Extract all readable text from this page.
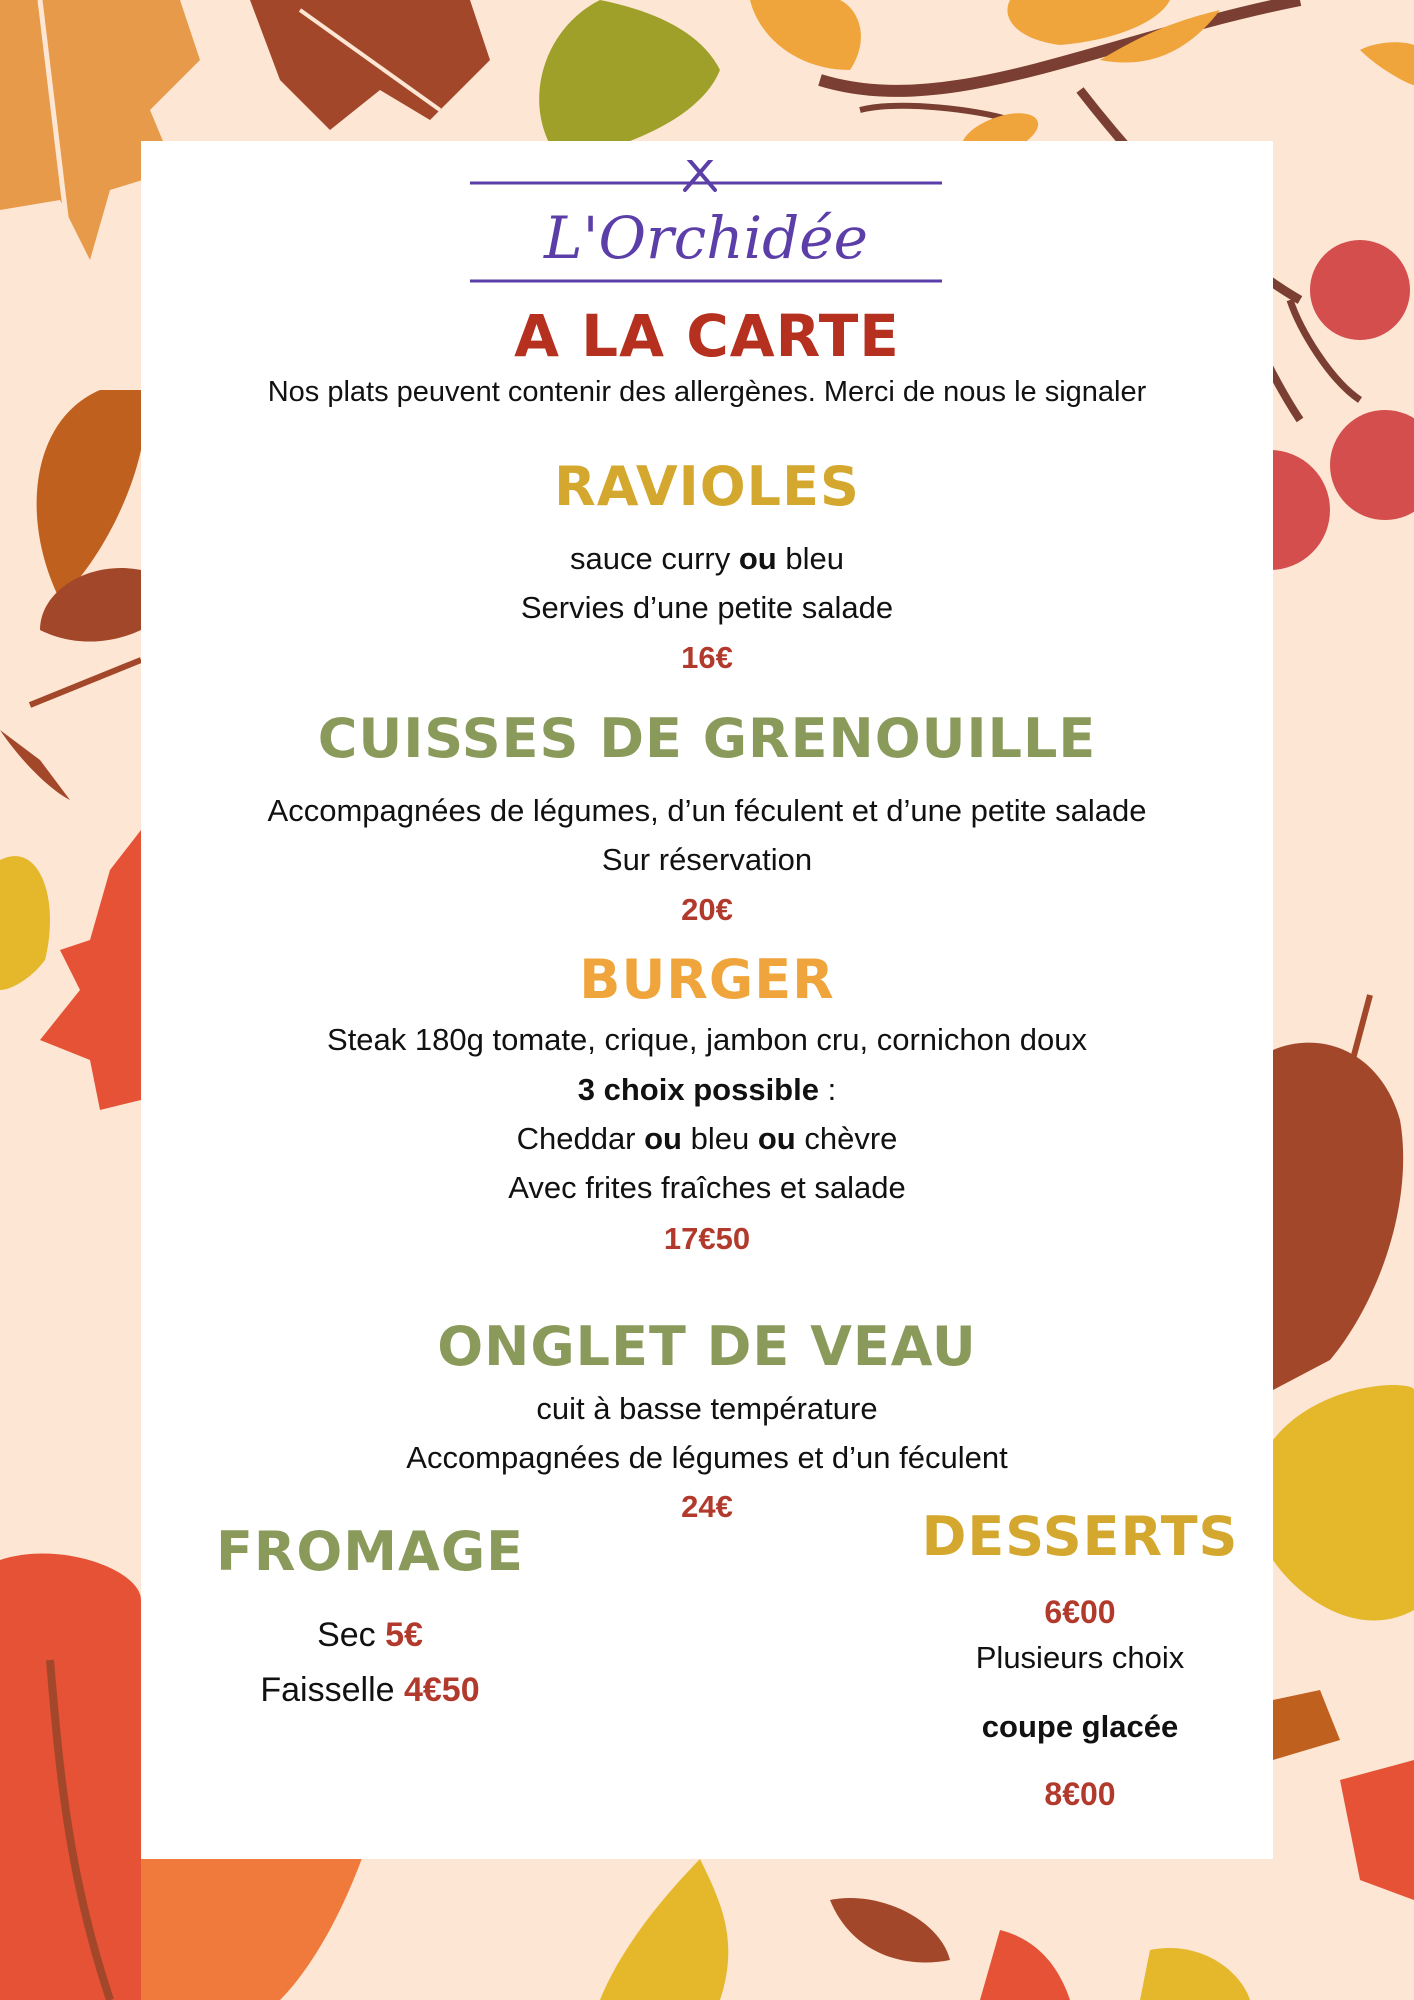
L'Orchidée
A LA CARTE
Nos plats peuvent contenir des allergènes. Merci de nous le signaler
RAVIOLES
sauce curry ou bleu
Servies d’une petite salade
16€
CUISSES DE GRENOUILLE
Accompagnées de légumes, d’un féculent et d’une petite salade
Sur réservation
20€
BURGER
Steak 180g tomate, crique, jambon cru, cornichon doux
3 choix possible :
Cheddar ou bleu ou chèvre
Avec frites fraîches et salade
17€50
ONGLET DE VEAU
cuit à basse température
Accompagnées de légumes et d’un féculent
24€
FROMAGE
Sec 5€
Faisselle 4€50
DESSERTS
6€00
Plusieurs choix
coupe glacée
8€00
